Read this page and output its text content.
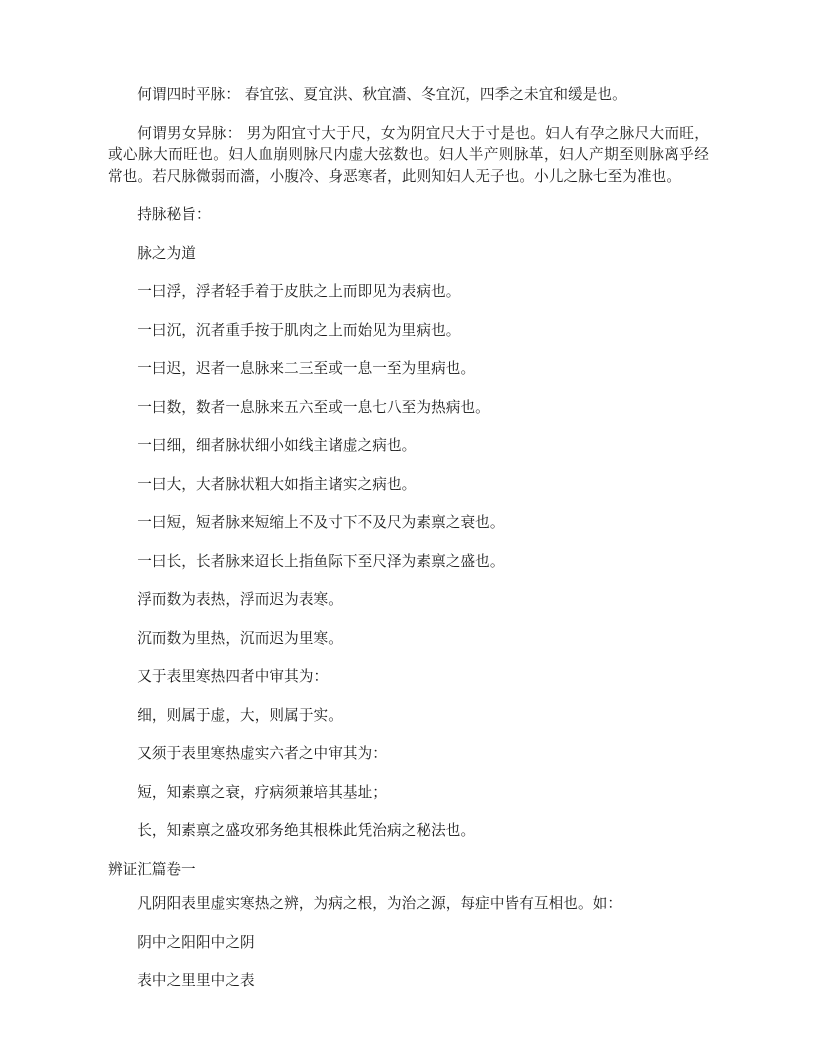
何谓四时平脉： 春宜弦、夏宜洪、秋宜濇、冬宜沉，四季之未宜和缓是也。

何谓男女异脉： 男为阳宜寸大于尺，女为阴宜尺大于寸是也。妇人有孕之脉尺大而旺，或心脉大而旺也。妇人血崩则脉尺内虚大弦数也。妇人半产则脉革，妇人产期至则脉离乎经常也。若尺脉微弱而濇，小腹冷、身恶寒者，此则知妇人无子也。小儿之脉七至为准也。

持脉秘旨：

脉之为道

一曰浮，浮者轻手着于皮肤之上而即见为表病也。

一曰沉，沉者重手按于肌肉之上而始见为里病也。

一曰迟，迟者一息脉来二三至或一息一至为里病也。

一曰数，数者一息脉来五六至或一息七八至为热病也。

一曰细，细者脉状细小如线主诸虚之病也。

一曰大，大者脉状粗大如指主诸实之病也。

一曰短，短者脉来短缩上不及寸下不及尺为素禀之衰也。

一曰长，长者脉来迢长上指鱼际下至尺泽为素禀之盛也。

浮而数为表热，浮而迟为表寒。

沉而数为里热，沉而迟为里寒。

又于表里寒热四者中审其为：

细，则属于虚，大，则属于实。

又须于表里寒热虚实六者之中审其为：

短，知素禀之衰，疗病须兼培其基址；

长，知素禀之盛攻邪务绝其根株此凭治病之秘法也。

辨证汇篇卷一

凡阴阳表里虚实寒热之辨，为病之根，为治之源，每症中皆有互相也。如：

阴中之阳阳中之阴

表中之里里中之表
